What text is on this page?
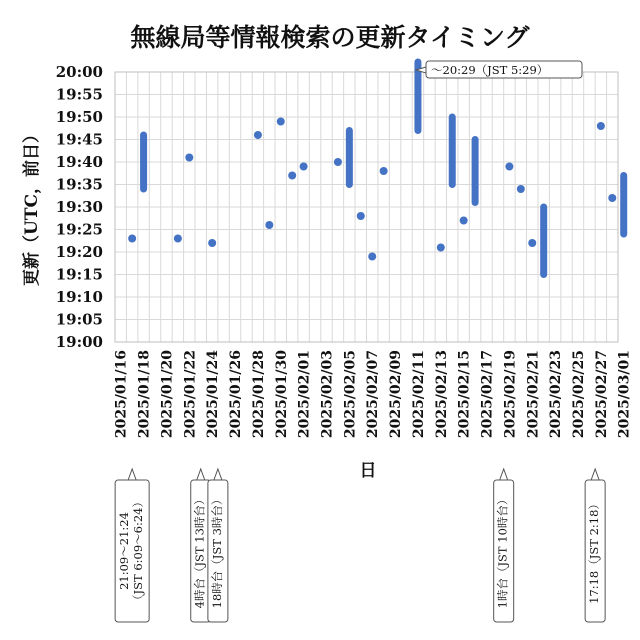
無線局等情報検索の更新タイミング
19:00
19:05
19:10
19:15
19:20
19:25
19:30
19:35
19:40
19:45
19:50
19:55
20:00
2025/01/16 2025/01/18 2025/01/20 2025/01/22 2025/01/24 2025/01/26 2025/01/28 2025/01/30 2025/02/01 2025/02/03 2025/02/05 2025/02/07 2025/02/09 2025/02/11 2025/02/13 2025/02/15 2025/02/17 2025/02/19 2025/02/21 2025/02/23 2025/02/25 2025/02/27 2025/03/01
更新（UTC，前日）
日
～20:29（JST 5:29）
21:09～21:24 （JST 6:09～6:24）	4時台（JST 13時台） 18時台（JST 3時台）	1時台（JST 10時台）	17:18（JST 2:18）
